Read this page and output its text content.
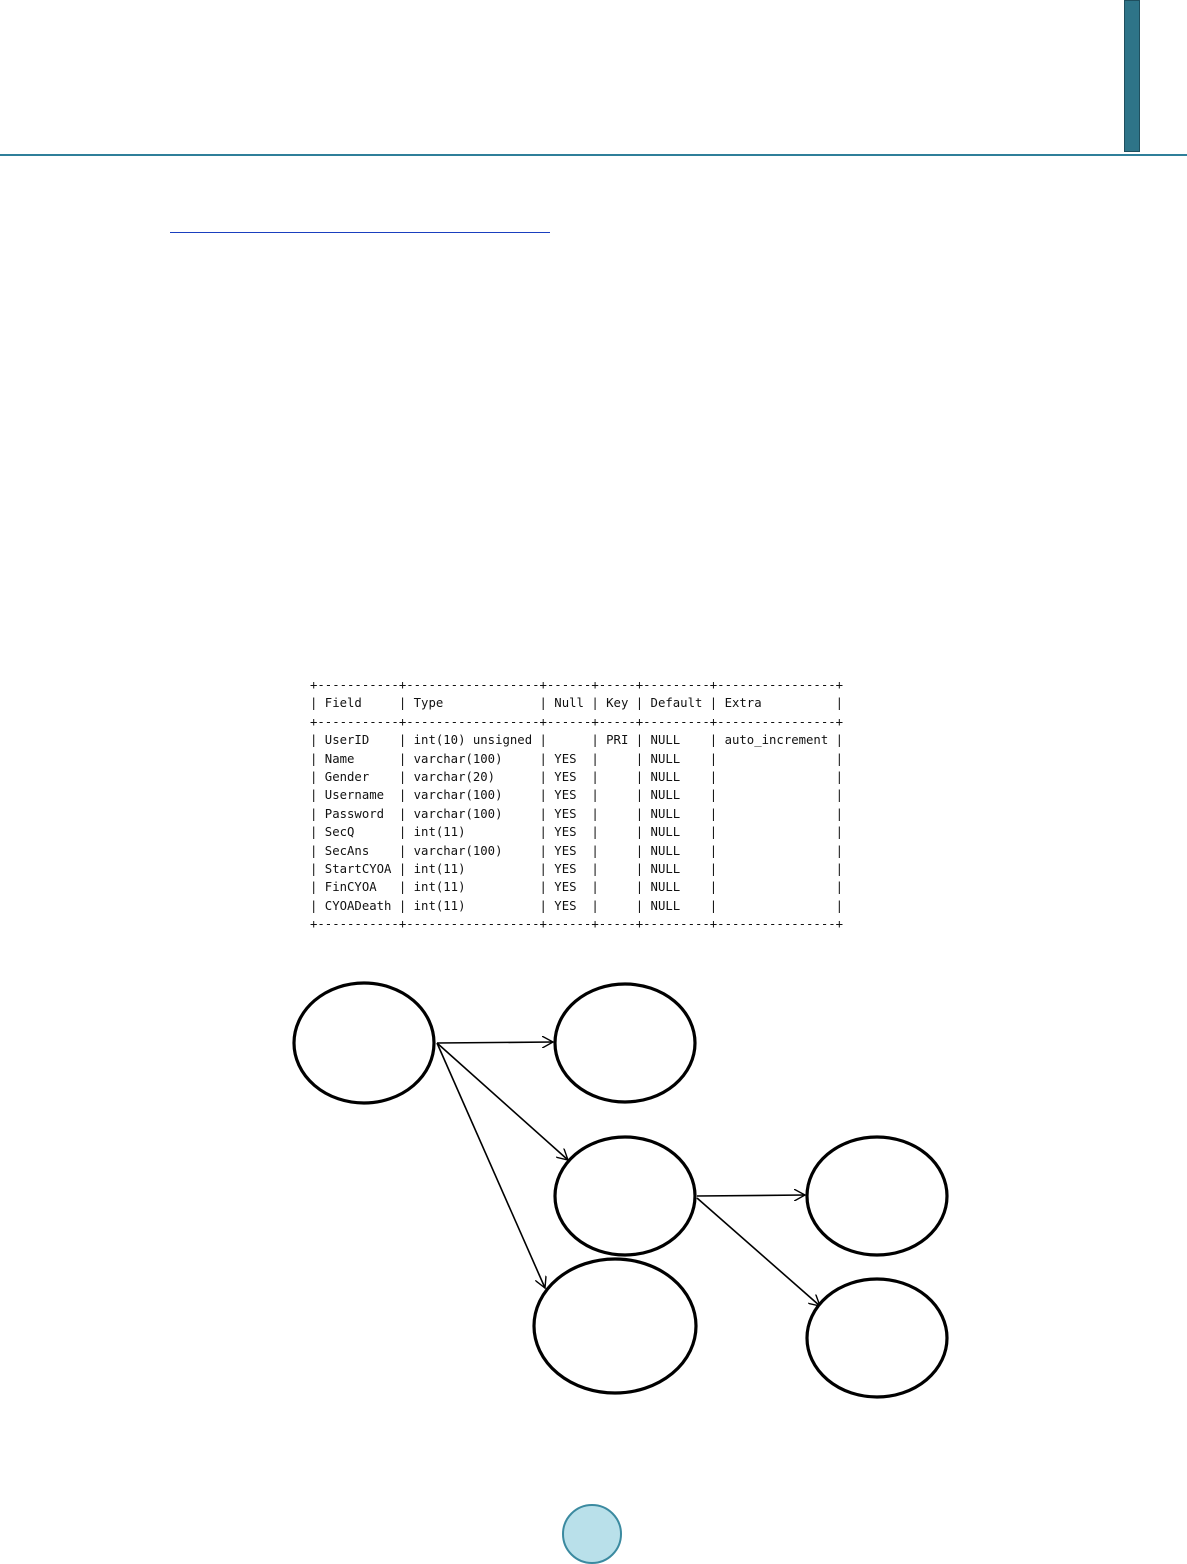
+-----------+------------------+------+-----+---------+----------------+
| Field     | Type             | Null | Key | Default | Extra          |
+-----------+------------------+------+-----+---------+----------------+
| UserID    | int(10) unsigned |      | PRI | NULL    | auto_increment |
| Name      | varchar(100)     | YES  |     | NULL    |                |
| Gender    | varchar(20)      | YES  |     | NULL    |                |
| Username  | varchar(100)     | YES  |     | NULL    |                |
| Password  | varchar(100)     | YES  |     | NULL    |                |
| SecQ      | int(11)          | YES  |     | NULL    |                |
| SecAns    | varchar(100)     | YES  |     | NULL    |                |
| StartCYOA | int(11)          | YES  |     | NULL    |                |
| FinCYOA   | int(11)          | YES  |     | NULL    |                |
| CYOADeath | int(11)          | YES  |     | NULL    |                |
+-----------+------------------+------+-----+---------+----------------+
